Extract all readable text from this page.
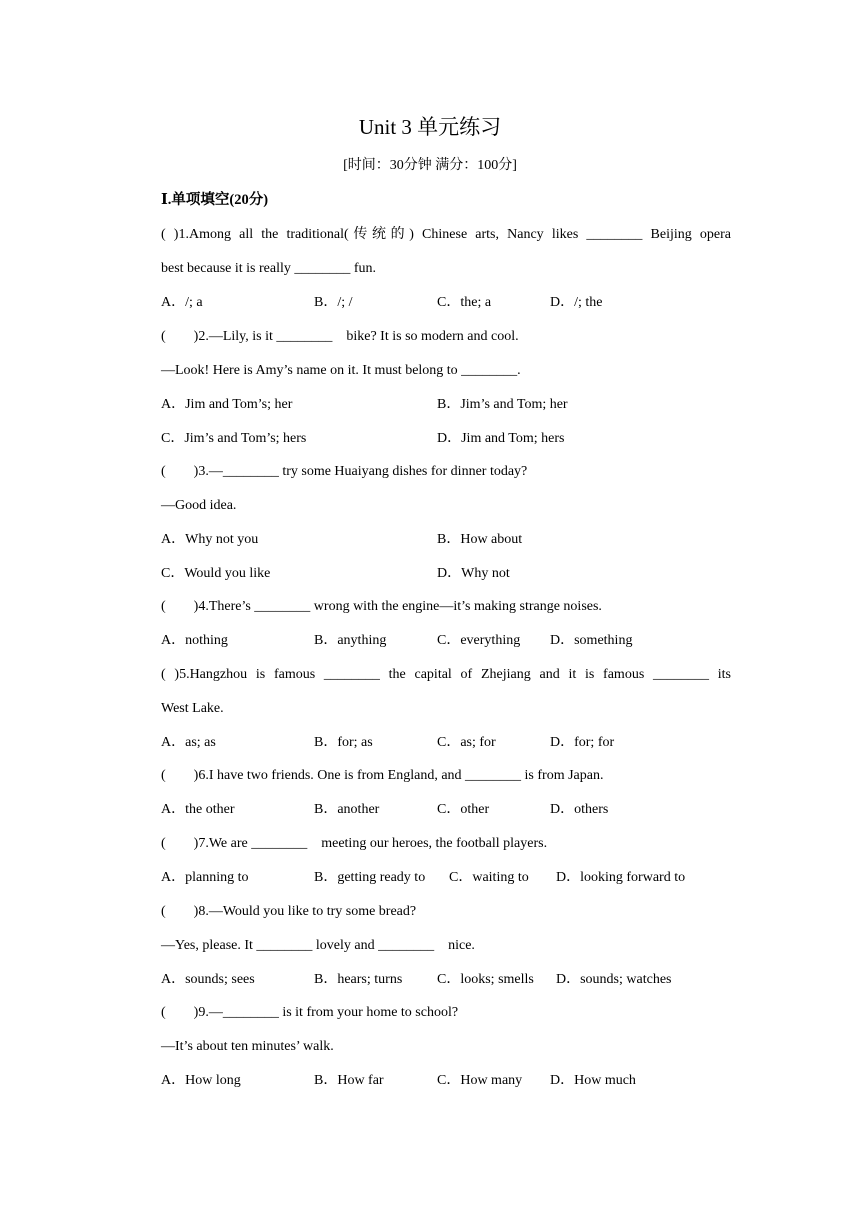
Unit 3 单元练习
[时间：30分钟 满分：100分]
Ⅰ.单项填空(20分)
( )1.Among all the traditional(传统的) Chinese arts, Nancy likes ________ Beijing opera
best because it is really ________ fun.
A．/; a	B．/; /	C．the; a	D．/; the
(        )2.—Lily, is it ________    bike? It is so modern and cool.
—Look! Here is Amy’s name on it. It must belong to ________.
A．Jim and Tom’s; her	B．Jim’s and Tom; her
C．Jim’s and Tom’s; hers	D．Jim and Tom; hers
(        )3.—________ try some Huaiyang dishes for dinner today?
—Good idea.
A．Why not you	B．How about
C．Would you like	D．Why not
(        )4.There’s ________ wrong with the engine—it’s making strange noises.
A．nothing	B．anything	C．everything D．something
( )5.Hangzhou is famous ________ the capital of Zhejiang and it is famous ________ its
West Lake.
A．as; as	B．for; as	C．as; for	D．for; for
(        )6.I have two friends. One is from England, and ________ is from Japan.
A．the other	B．another	C．other	D．others
(        )7.We are ________    meeting our heroes, the football players.
A．planning to	B．getting ready to C．waiting to D．looking forward to
(        )8.—Would you like to try some bread?
—Yes, please. It ________ lovely and ________    nice.
A．sounds; sees	B．hears; turns C．looks; smells D．sounds; watches
(        )9.—________ is it from your home to school?
—It’s about ten minutes’ walk.
A．How long	B．How far	C．How many D．How much
